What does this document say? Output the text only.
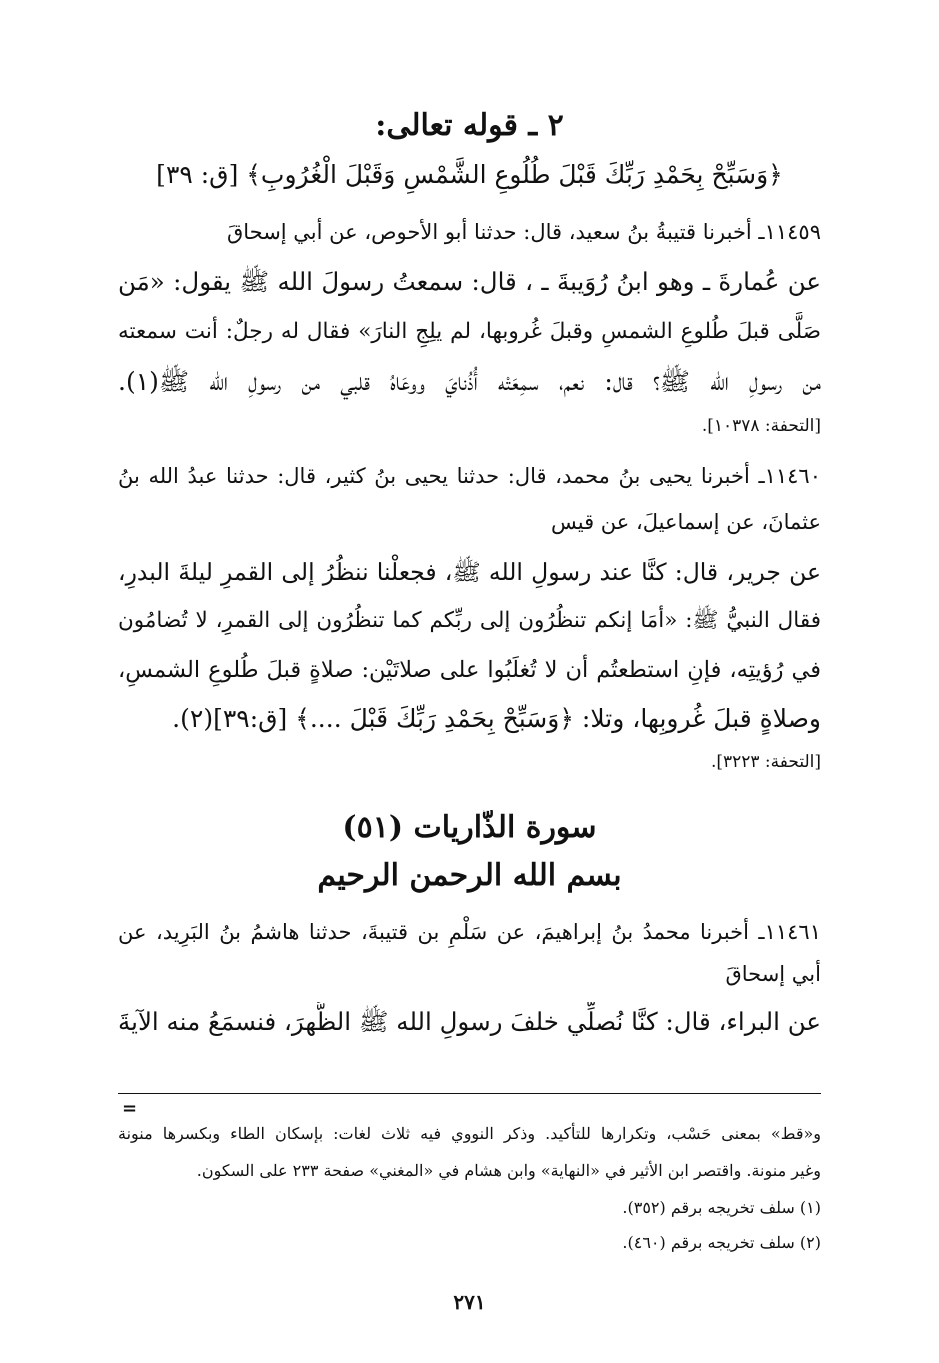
٢ ـ قوله تعالى:
﴿وَسَبِّحْ بِحَمْدِ رَبِّكَ قَبْلَ طُلُوعِ الشَّمْسِ وَقَبْلَ الْغُرُوبِ﴾ [ق: ٣٩]
١١٤٥٩ـ أخبرنا قتيبةُ بنُ سعيد، قال: حدثنا أبو الأحوص، عن أبي إسحاقَ
عن عُمارةَ ـ وهو ابنُ رُوَيبةَ ـ ، قال: سمعتُ رسولَ الله ﷺ يقول: «مَن
صَلَّى قبلَ طُلوعِ الشمسِ وقبلَ غُروبها، لم يلِجِ النارَ» فقال له رجلٌ: أنت سمعته
من رسولِ الله ﷺ؟ قال: نعم، سمِعَتْه أُذُنايَ ووعَاهُ قلبي من رسولِ الله ﷺ(١).
[التحفة: ١٠٣٧٨].
١١٤٦٠ـ أخبرنا يحيى بنُ محمد، قال: حدثنا يحيى بنُ كثير، قال: حدثنا عبدُ الله بنُ
عثمانَ، عن إسماعيلَ، عن قيس
عن جرير، قال: كنَّا عند رسولِ الله ﷺ، فجعلْنا ننظُرُ إلى القمرِ ليلةَ البدرِ،
فقال النبيُّ ﷺ: «أمَا إنكم تنظُرُون إلى ربِّكم كما تنظُرُون إلى القمرِ، لا تُضامُون
في رُؤيتِه، فإنِ استطعتُم أن لا تُغلَبُوا على صلاتَيْن: صلاةٍ قبلَ طُلوعِ الشمسِ،
وصلاةٍ قبلَ غُروبِها، وتلا: ﴿وَسَبِّحْ بِحَمْدِ رَبِّكَ قَبْلَ ....﴾ [ق:٣٩](٢).
[التحفة: ٣٢٢٣].
سورة الذَّاريات (٥١)
بسم الله الرحمن الرحيم
١١٤٦١ـ أخبرنا محمدُ بنُ إبراهيمَ، عن سَلْمِ بن قتيبةَ، حدثنا هاشمُ بنُ البَرِيد، عن
أبي إسحاقَ
عن البراء، قال: كنَّا نُصلِّي خلفَ رسولِ الله ﷺ الظُّهرَ، فنسمَعُ منه الآيةَ
=
و«قط» بمعنى حَسْب، وتكرارها للتأكيد. وذكر النووي فيه ثلاث لغات: بإسكان الطاء وبكسرها منونة
وغير منونة. واقتصر ابن الأثير في «النهاية» وابن هشام في «المغني» صفحة ٢٣٣ على السكون.
(١) سلف تخريجه برقم (٣٥٢).
(٢) سلف تخريجه برقم (٤٦٠).
٢٧١
